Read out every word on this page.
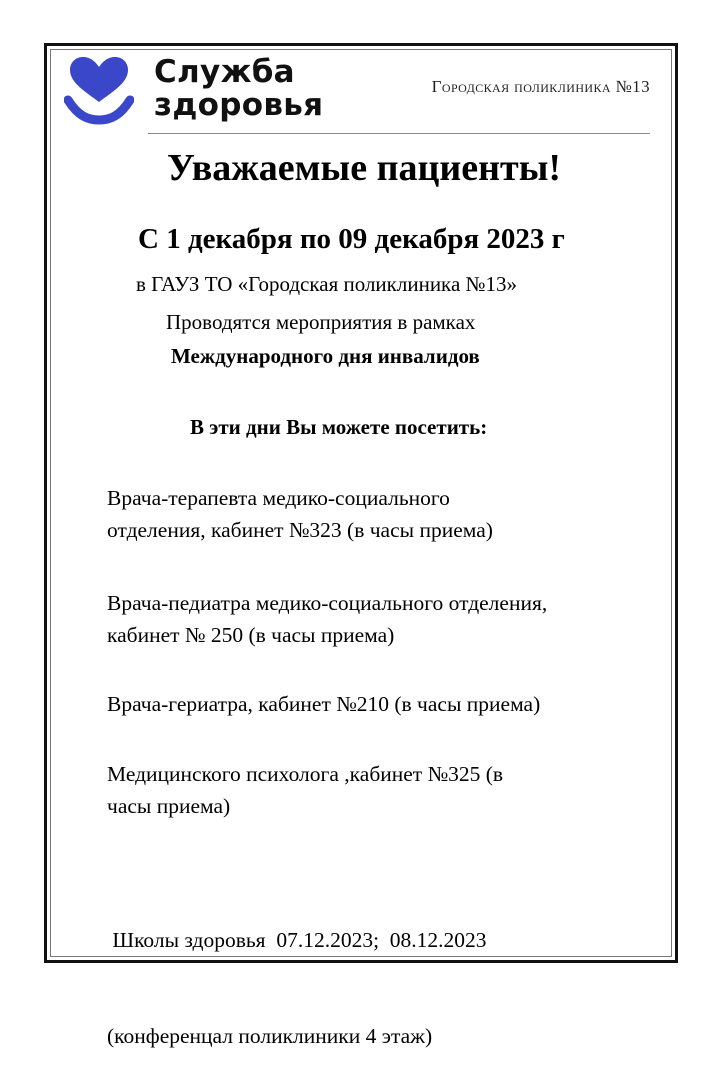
Служба
здоровья
Городская поликлиника №13
Уважаемые пациенты!
С 1 декабря по 09 декабря 2023 г
в ГАУЗ ТО «Городская поликлиника №13»
Проводятся мероприятия в рамках
Международного дня инвалидов
В эти дни Вы можете посетить:
Врача-терапевта медико-социального
отделения, кабинет №323 (в часы приема)
Врача-педиатра медико-социального отделения,
кабинет № 250 (в часы приема)
Врача-гериатра, кабинет №210 (в часы приема)
Медицинского психолога ,кабинет №325 (в
часы приема)

Школы здоровья  07.12.2023;  08.12.2023

(конференцал поликлиники 4 этаж)
